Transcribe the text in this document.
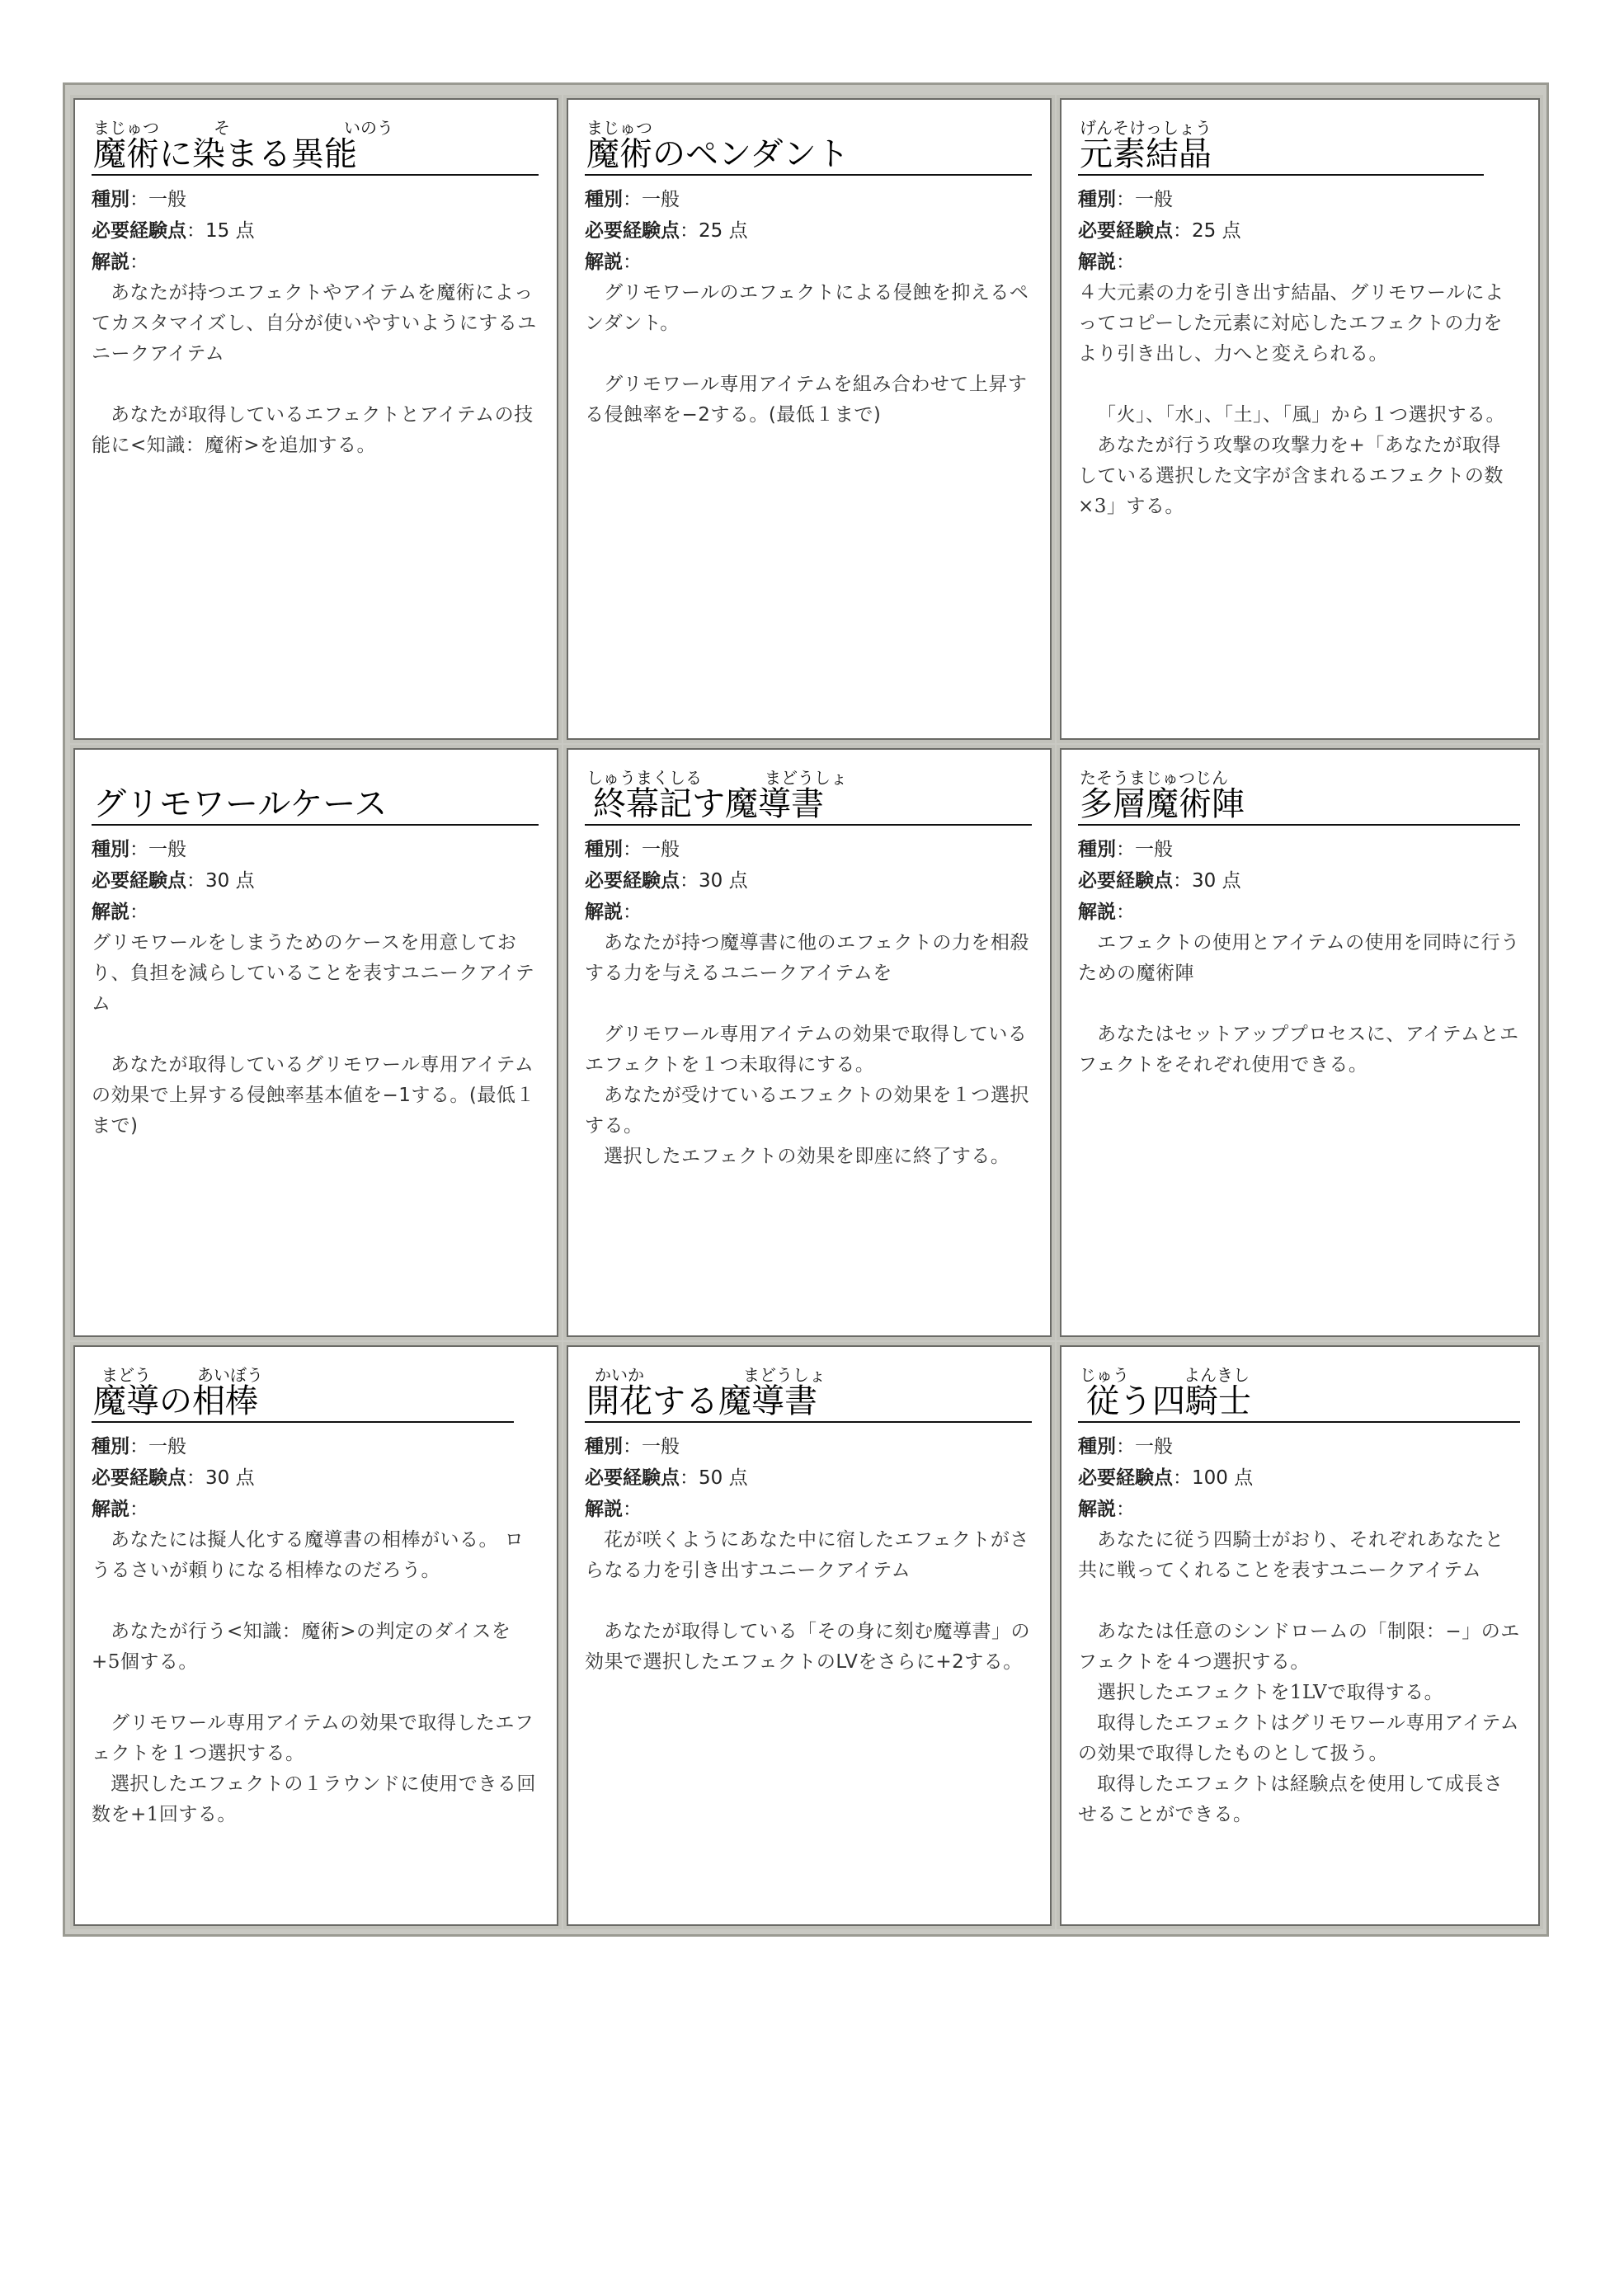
まじゅつ	そ	いのう
魔術に染まる異能
種別：一般
必要経験点：15 点
解説：

あなたが持つエフェクトやアイテムを魔術によってカスタマイズし、自分が使いやすいようにするユニークアイテム

あなたが取得しているエフェクトとアイテムの技能に<知識：魔術>を追加する。

まじゅつ
魔術のペンダント
種別：一般
必要経験点：25 点
解説：

グリモワールのエフェクトによる侵蝕を抑えるペンダント。

グリモワール専用アイテムを組み合わせて上昇する侵蝕率を−2する。(最低１まで)

げんそけっしょう
元素結晶
種別：一般
必要経験点：25 点
解説：

４大元素の力を引き出す結晶、グリモワールによってコピーした元素に対応したエフェクトの力をより引き出し、力へと変えられる。

「火」、「水」、「土」、「風」から１つ選択する。

あなたが行う攻撃の攻撃力を+「あなたが取得している選択した文字が含まれるエフェクトの数×3」する。

グリモワールケース
種別：一般
必要経験点：30 点
解説：

グリモワールをしまうためのケースを用意しており、負担を減らしていることを表すユニークアイテム

あなたが取得しているグリモワール専用アイテムの効果で上昇する侵蝕率基本値を−1する。(最低１まで)

しゅうまくしる	まどうしょ
終幕記す魔導書
種別：一般
必要経験点：30 点
解説：

あなたが持つ魔導書に他のエフェクトの力を相殺する力を与えるユニークアイテムを

グリモワール専用アイテムの効果で取得しているエフェクトを１つ未取得にする。

あなたが受けているエフェクトの効果を１つ選択する。

選択したエフェクトの効果を即座に終了する。

たそうまじゅつじん
多層魔術陣
種別：一般
必要経験点：30 点
解説：

エフェクトの使用とアイテムの使用を同時に行うための魔術陣

あなたはセットアッププロセスに、アイテムとエフェクトをそれぞれ使用できる。

まどう	あいぼう
魔導の相棒
種別：一般
必要経験点：30 点
解説：

あなたには擬人化する魔導書の相棒がいる。 ロうるさいが頼りになる相棒なのだろう。

あなたが行う<知識：魔術>の判定のダイスを+5個する。

グリモワール専用アイテムの効果で取得したエフェクトを１つ選択する。

選択したエフェクトの１ラウンドに使用できる回数を+1回する。

かいか	まどうしょ
開花する魔導書
種別：一般
必要経験点：50 点
解説：

花が咲くようにあなた中に宿したエフェクトがさらなる力を引き出すユニークアイテム

あなたが取得している「その身に刻む魔導書」の効果で選択したエフェクトのLVをさらに+2する。

じゅう	よんきし
従う四騎士
種別：一般
必要経験点：100 点
解説：

あなたに従う四騎士がおり、それぞれあなたと共に戦ってくれることを表すユニークアイテム

あなたは任意のシンドロームの「制限：−」のエフェクトを４つ選択する。

選択したエフェクトを1LVで取得する。

取得したエフェクトはグリモワール専用アイテムの効果で取得したものとして扱う。

取得したエフェクトは経験点を使用して成長させることができる。
